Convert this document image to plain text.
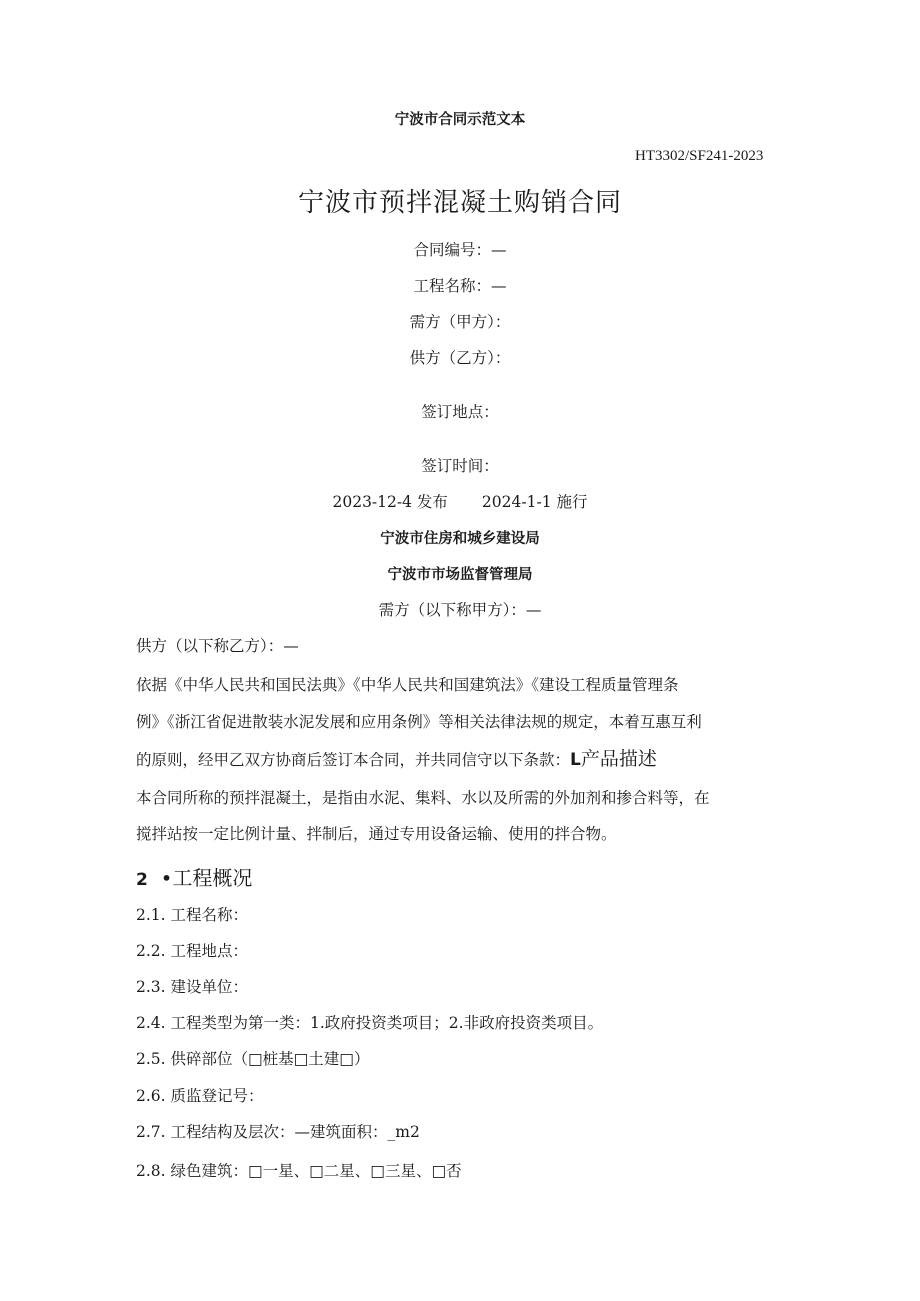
宁波市合同示范文本
HT3302/SF241-2023
宁波市预拌混凝土购销合同
合同编号：—
工程名称：—
需方（甲方）：
供方（乙方）：
签订地点：
签订时间：
2023-12-4 发布 2024-1-1 施行
宁波市住房和城乡建设局
宁波市市场监督管理局
需方（以下称甲方）：—
供方（以下称乙方）：—
依据《中华人民共和国民法典》《中华人民共和国建筑法》《建设工程质量管理条
例》《浙江省促进散装水泥发展和应用条例》等相关法律法规的规定，本着互惠互利
的原则，经甲乙双方协商后签订本合同，并共同信守以下条款：L产品描述
本合同所称的预拌混凝土，是指由水泥、集料、水以及所需的外加剂和掺合料等，在
搅拌站按一定比例计量、拌制后，通过专用设备运输、使用的拌合物。
2 •工程概况
2.1. 工程名称：
2.2. 工程地点：
2.3. 建设单位：
2.4. 工程类型为第一类：1.政府投资类项目；2.非政府投资类项目。
2.5. 供碎部位（□桩基□土建□）
2.6. 质监登记号：
2.7. 工程结构及层次：—建筑面积：_m2
2.8. 绿色建筑：□一星、□二星、□三星、□否
